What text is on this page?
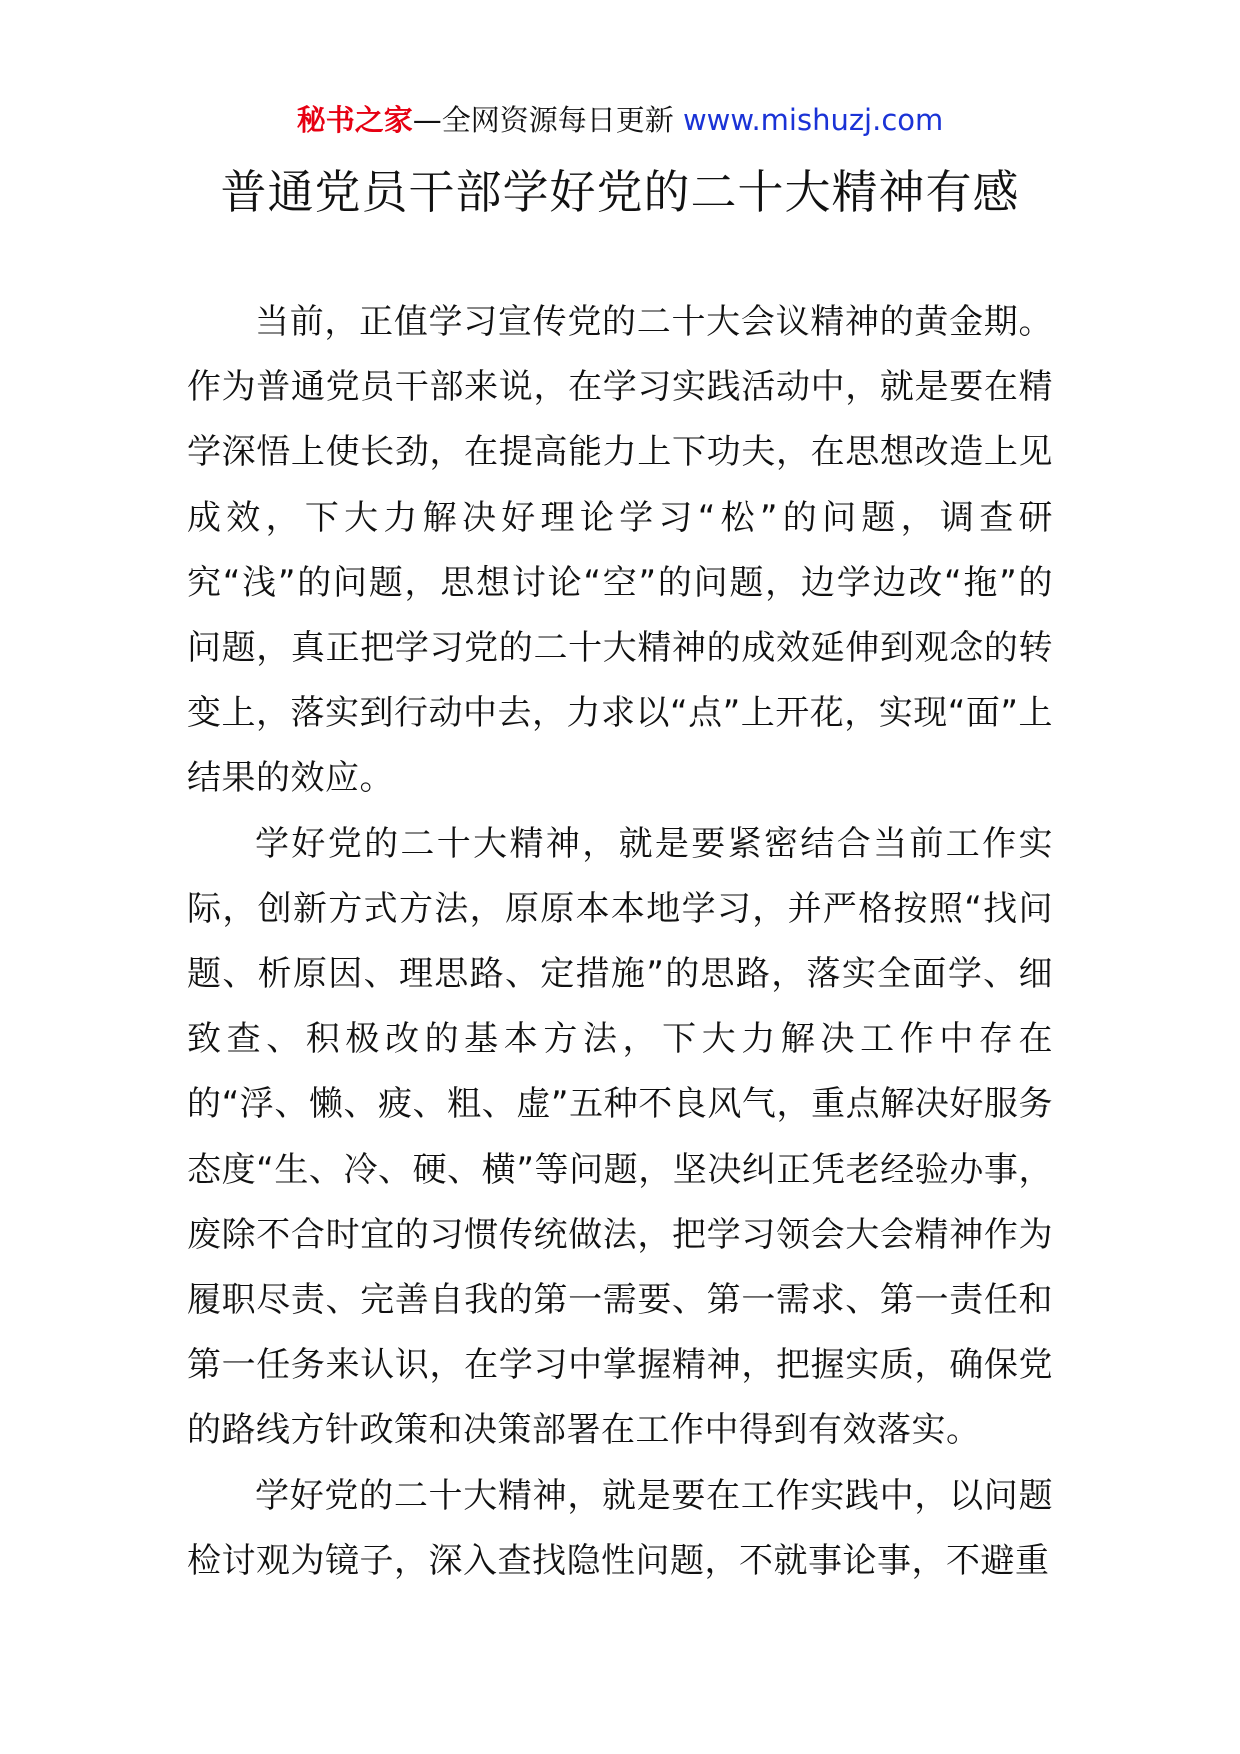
秘书之家—全网资源每日更新 www.mishuzj.com
普通党员干部学好党的二十大精神有感

当前，正值学习宣传党的二十大会议精神的黄金期。作为普通党员干部来说，在学习实践活动中，就是要在精学深悟上使长劲，在提高能力上下功夫，在思想改造上见成效，下大力解决好理论学习“松”的问题，调查研究“浅”的问题，思想讨论“空”的问题，边学边改“拖”的问题，真正把学习党的二十大精神的成效延伸到观念的转变上，落实到行动中去，力求以“点”上开花，实现“面”上结果的效应。

学好党的二十大精神，就是要紧密结合当前工作实际，创新方式方法，原原本本地学习，并严格按照“找问题、析原因、理思路、定措施”的思路，落实全面学、细致查、积极改的基本方法，下大力解决工作中存在的“浮、懒、疲、粗、虚”五种不良风气，重点解决好服务态度“生、冷、硬、横”等问题，坚决纠正凭老经验办事，废除不合时宜的习惯传统做法，把学习领会大会精神作为履职尽责、完善自我的第一需要、第一需求、第一责任和第一任务来认识，在学习中掌握精神，把握实质，确保党的路线方针政策和决策部署在工作中得到有效落实。

学好党的二十大精神，就是要在工作实践中，以问题检讨观为镜子，深入查找隐性问题，不就事论事，不避重
